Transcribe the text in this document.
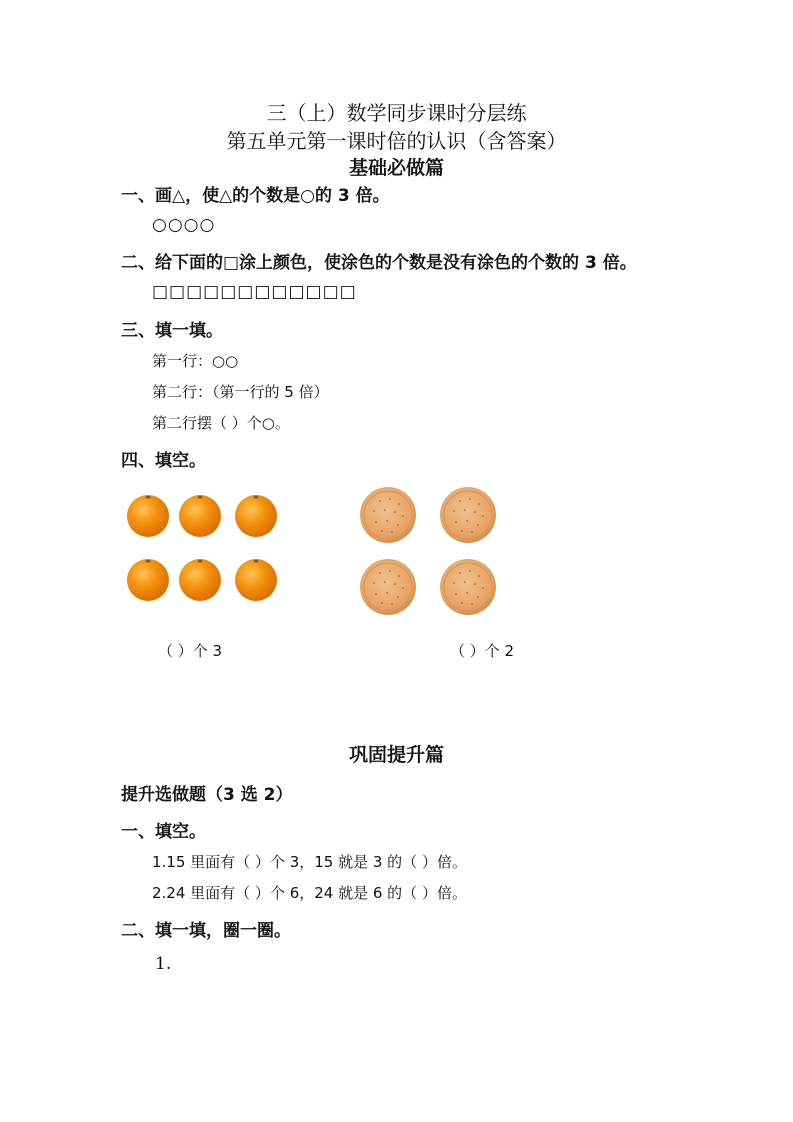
三（上）数学同步课时分层练
第五单元第一课时倍的认识（含答案）
基础必做篇
一、画△，使△的个数是○的 3 倍。
○○○○
二、给下面的□涂上颜色，使涂色的个数是没有涂色的个数的 3 倍。
□□□□□□□□□□□□
三、填一填。
第一行：○○
第二行：（第一行的 5 倍）
第二行摆（ ）个○。
四、填空。
（ ）个 3	（ ）个 2
巩固提升篇
提升选做题（3 选 2）
一、填空。
1.15 里面有（ ）个 3，15 就是 3 的（ ）倍。
2.24 里面有（ ）个 6，24 就是 6 的（ ）倍。
二、填一填，圈一圈。
1.
